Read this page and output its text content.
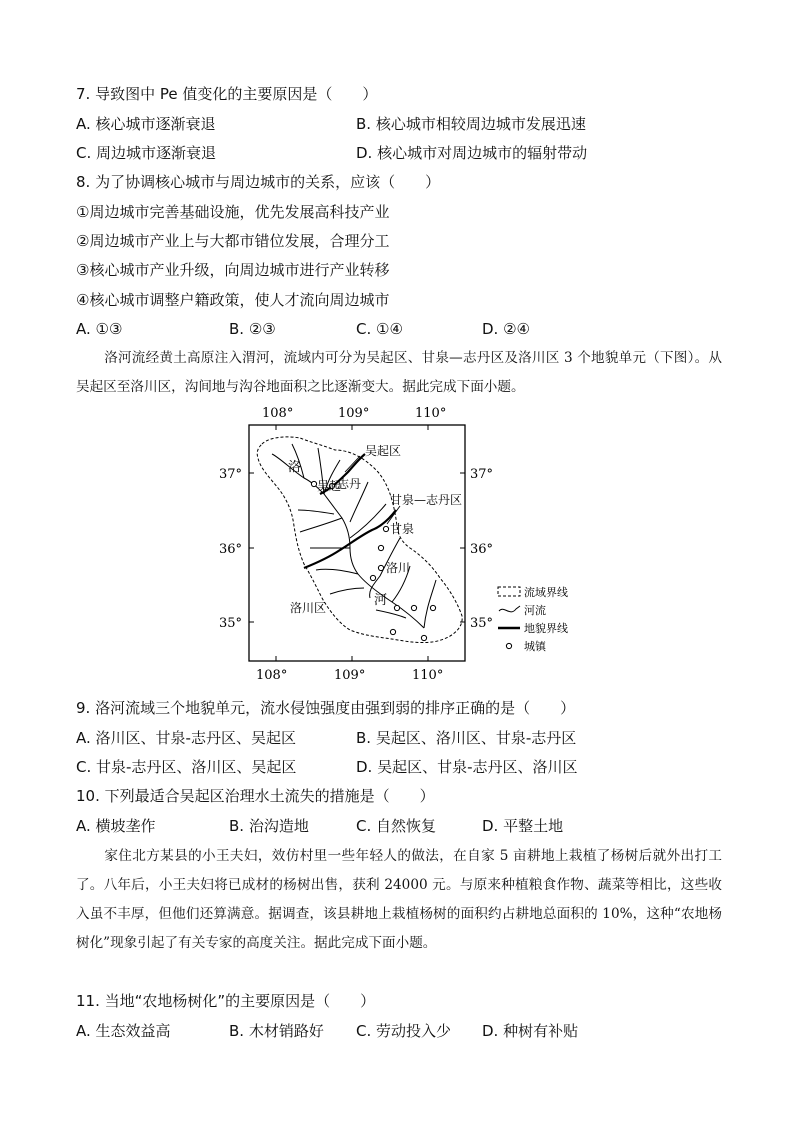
7. 导致图中 Pe 值变化的主要原因是（　　）
A. 核心城市逐渐衰退	B. 核心城市相较周边城市发展迅速
C. 周边城市逐渐衰退	D. 核心城市对周边城市的辐射带动
8. 为了协调核心城市与周边城市的关系，应该（　　）
①周边城市完善基础设施，优先发展高科技产业
②周边城市产业上与大都市错位发展，合理分工
③核心城市产业升级，向周边城市进行产业转移
④核心城市调整户籍政策，使人才流向周边城市
A. ①③	B. ②③	C. ①④	D. ②④
洛河流经黄土高原注入渭河，流域内可分为吴起区、甘泉—志丹区及洛川区 3 个地貌单元（下图）。从吴起区至洛川区，沟间地与沟谷地面积之比逐渐变大。据此完成下面小题。
108°	109°	110°
108°	109°	110°
37°
36°
35°
37°
36°
35°
吴起区
洛
吴起
志丹
甘泉—志丹区
甘泉
洛川
洛川区	河
流域界线
河流
地貌界线
城镇
9. 洛河流域三个地貌单元，流水侵蚀强度由强到弱的排序正确的是（　　）
A. 洛川区、甘泉-志丹区、吴起区	B. 吴起区、洛川区、甘泉-志丹区
C. 甘泉-志丹区、洛川区、吴起区	D. 吴起区、甘泉-志丹区、洛川区
10. 下列最适合吴起区治理水土流失的措施是（　　）
A. 横坡垄作	B. 治沟造地	C. 自然恢复	D. 平整土地
家住北方某县的小王夫妇，效仿村里一些年轻人的做法，在自家 5 亩耕地上栽植了杨树后就外出打工了。八年后，小王夫妇将已成材的杨树出售，获利 24000 元。与原来种植粮食作物、蔬菜等相比，这些收入虽不丰厚，但他们还算满意。据调查，该县耕地上栽植杨树的面积约占耕地总面积的 10%，这种“农地杨树化”现象引起了有关专家的高度关注。据此完成下面小题。
11. 当地“农地杨树化”的主要原因是（　　）
A. 生态效益高	B. 木材销路好 C. 劳动投入少 D. 种树有补贴
